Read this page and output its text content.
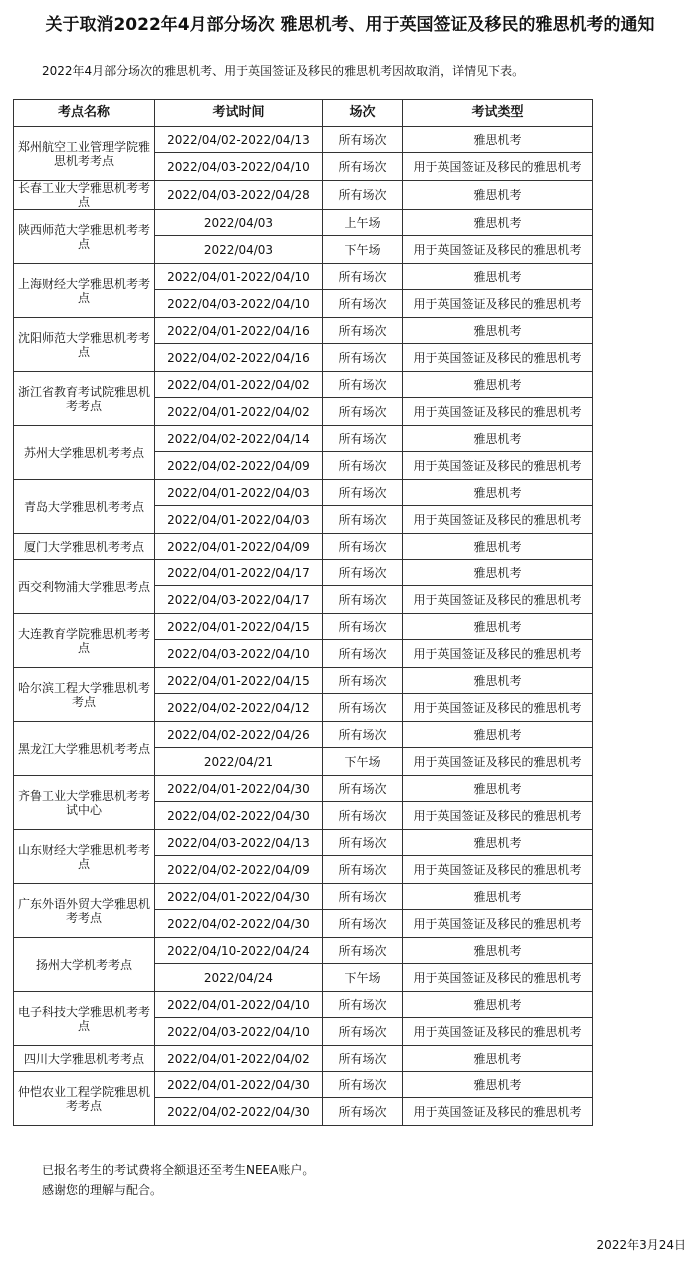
关于取消2022年4月部分场次 雅思机考、用于英国签证及移民的雅思机考的通知
2022年4月部分场次的雅思机考、用于英国签证及移民的雅思机考因故取消，详情见下表。
考点名称	考试时间	场次	考试类型
郑州航空工业管理学院雅思机考考点	2022/04/02-2022/04/13	所有场次	雅思机考
	2022/04/03-2022/04/10	所有场次	用于英国签证及移民的雅思机考
长春工业大学雅思机考考点	2022/04/03-2022/04/28	所有场次	雅思机考
陕西师范大学雅思机考考点	2022/04/03	上午场	雅思机考
	2022/04/03	下午场	用于英国签证及移民的雅思机考
上海财经大学雅思机考考点	2022/04/01-2022/04/10	所有场次	雅思机考
	2022/04/03-2022/04/10	所有场次	用于英国签证及移民的雅思机考
沈阳师范大学雅思机考考点	2022/04/01-2022/04/16	所有场次	雅思机考
	2022/04/02-2022/04/16	所有场次	用于英国签证及移民的雅思机考
浙江省教育考试院雅思机考考点	2022/04/01-2022/04/02	所有场次	雅思机考
	2022/04/01-2022/04/02	所有场次	用于英国签证及移民的雅思机考
苏州大学雅思机考考点	2022/04/02-2022/04/14	所有场次	雅思机考
	2022/04/02-2022/04/09	所有场次	用于英国签证及移民的雅思机考
青岛大学雅思机考考点	2022/04/01-2022/04/03	所有场次	雅思机考
	2022/04/01-2022/04/03	所有场次	用于英国签证及移民的雅思机考
厦门大学雅思机考考点	2022/04/01-2022/04/09	所有场次	雅思机考
西交利物浦大学雅思考点	2022/04/01-2022/04/17	所有场次	雅思机考
	2022/04/03-2022/04/17	所有场次	用于英国签证及移民的雅思机考
大连教育学院雅思机考考点	2022/04/01-2022/04/15	所有场次	雅思机考
	2022/04/03-2022/04/10	所有场次	用于英国签证及移民的雅思机考
哈尔滨工程大学雅思机考考点	2022/04/01-2022/04/15	所有场次	雅思机考
	2022/04/02-2022/04/12	所有场次	用于英国签证及移民的雅思机考
黑龙江大学雅思机考考点	2022/04/02-2022/04/26	所有场次	雅思机考
	2022/04/21	下午场	用于英国签证及移民的雅思机考
齐鲁工业大学雅思机考考试中心	2022/04/01-2022/04/30	所有场次	雅思机考
	2022/04/02-2022/04/30	所有场次	用于英国签证及移民的雅思机考
山东财经大学雅思机考考点	2022/04/03-2022/04/13	所有场次	雅思机考
	2022/04/02-2022/04/09	所有场次	用于英国签证及移民的雅思机考
广东外语外贸大学雅思机考考点	2022/04/01-2022/04/30	所有场次	雅思机考
	2022/04/02-2022/04/30	所有场次	用于英国签证及移民的雅思机考
扬州大学机考考点	2022/04/10-2022/04/24	所有场次	雅思机考
	2022/04/24	下午场	用于英国签证及移民的雅思机考
电子科技大学雅思机考考点	2022/04/01-2022/04/10	所有场次	雅思机考
	2022/04/03-2022/04/10	所有场次	用于英国签证及移民的雅思机考
四川大学雅思机考考点	2022/04/01-2022/04/02	所有场次	雅思机考
仲恺农业工程学院雅思机考考点	2022/04/01-2022/04/30	所有场次	雅思机考
	2022/04/02-2022/04/30	所有场次	用于英国签证及移民的雅思机考
已报名考生的考试费将全额退还至考生NEEA账户。
感谢您的理解与配合。
2022年3月24日
